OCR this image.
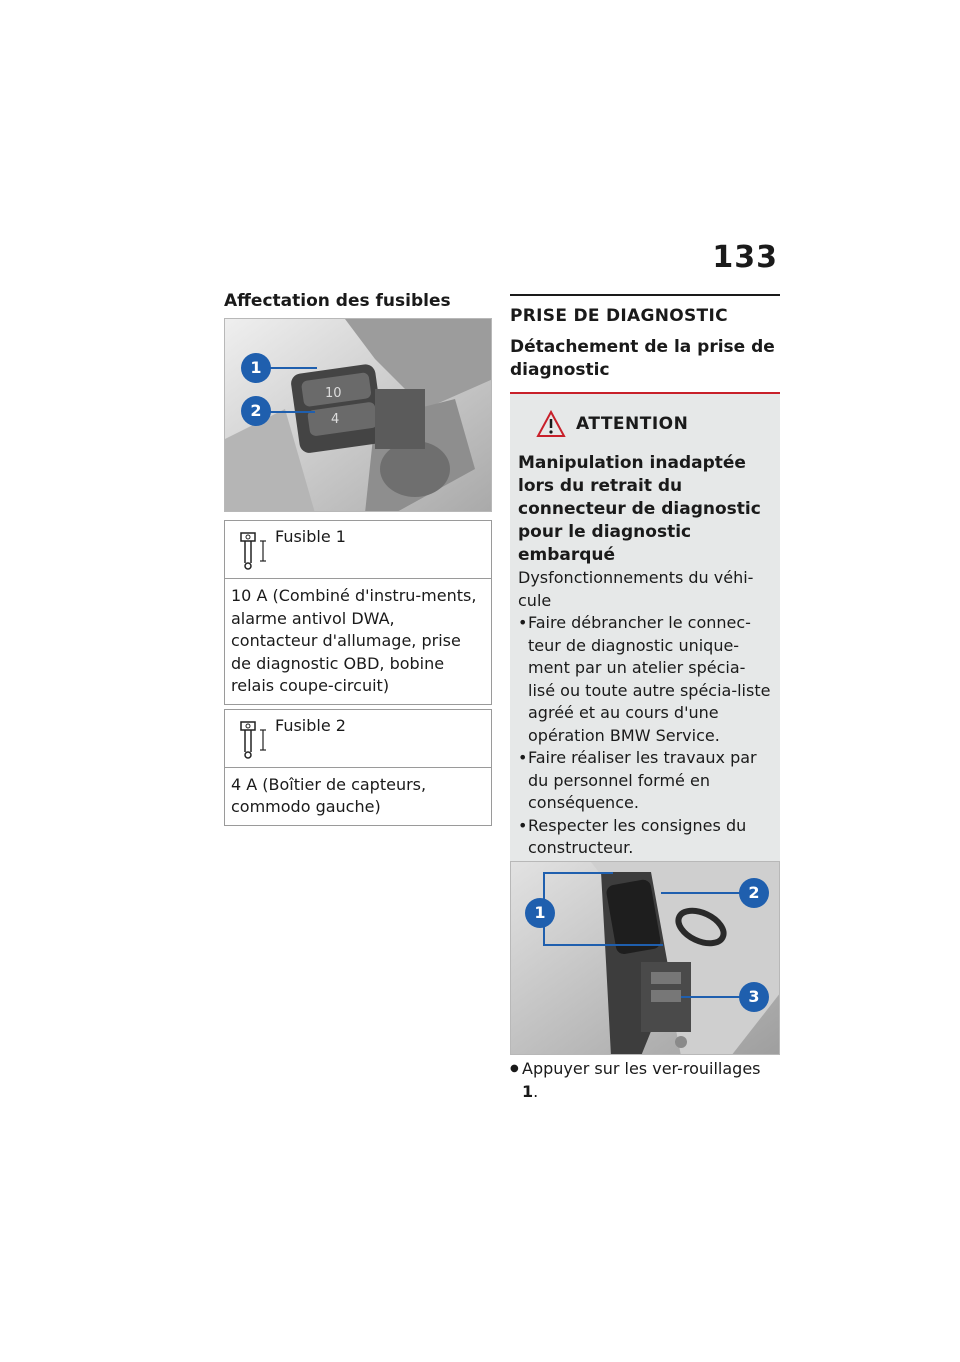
133
Affectation des fusibles
10
4
1
2
Fusible 1
10 A (Combiné d'instru-ments, alarme antivol DWA, contacteur d'allumage, prise de diagnostic OBD, bobine relais coupe-circuit)
Fusible 2
4 A (Boîtier de capteurs, commodo gauche)
PRISE DE DIAGNOSTIC
Détachement de la prise de diagnostic
ATTENTION
Manipulation inadaptée lors du retrait du connecteur de diagnostic pour le diagnostic embarqué
Dysfonctionnements du véhi-cule
• Faire débrancher le connec-teur de diagnostic unique-ment par un atelier spécia-lisé ou toute autre spécia-liste agréé et au cours d'une opération BMW Service.
• Faire réaliser les travaux par du personnel formé en conséquence.
• Respecter les consignes du constructeur.
●
1
2
3
● Appuyer sur les ver-rouillages 1.
